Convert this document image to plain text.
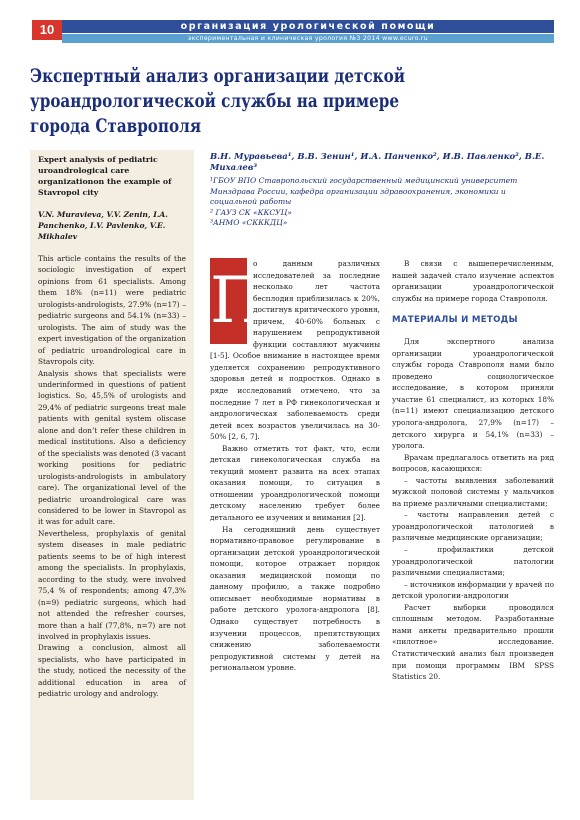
10	организация урологической помощи
экспериментальная и клиническая урология №3 2014 www.ecuro.ru
Экспертный анализ организации детской уроандрологической службы на примере города Ставрополя

Expert analysis of pediatric uroandrological care organizationon the example of Stavropol city

V.N. Muravieva, V.V. Zenin, I.A. Panchenko, I.V. Pavlenko, V.E. Mikhalev

This article contains the results of the sociologic investigation of expert opinions from 61 specialists. Among them 18% (n=11) were pediatric urologists-andrologists, 27.9% (n=17) – pediatric surgeons and 54.1% (n=33) – urologists. The aim of study was the expert investigation of the organization of pediatric uroandrological care in Stavropols city.

Analysis shows that specialists were underinformed in questions of patient logistics. So, 45,5% of urologists and 29,4% of pediatric surgeons treat male patients with genital system oliscase alone and don’t refer these children in medical institutions. Also a deficiency of the specialists was denoted (3 vacant working positions for pediatric urologists-andrologists in ambulatory care). The organizational level of the pediatric uroandrological care was considered to be lower in Stavropol as it was for adult care.

Nevertheless, prophylaxis of genital system diseases in male pediatric patients seems to be of high interest among the specialists. In prophylaxis, according to the study, were involved 75,4 % of respondents; among 47,3% (n=9) pediatric surgeons, which had not attended the refresher courses, more than a half (77,8%, n=7) are not involved in prophylaxis issues.

Drawing a conclusion, almost all specialists, who have participated in the study, noticed the necessity of the additional education in area of pediatric urology and andrology.

В.Н. Муравьева¹, В.В. Зенин¹, И.А. Панченко², И.В. Павленко², В.Е. Михалев³

¹ГБОУ ВПО Ставропольский государственный медицинский университет Минздрава России, кафедра организации здравоохранения, экономики и социальной работы

² ГАУЗ СК «ККСУЦ»

³АНМО «СКККДЦ»

П

о данным различных исследователей за последние несколько лет частота бесплодия приблизилась к 20%, достигнув критического уровня, причем, 40-60% больных с нарушением репродуктивной функции составляют мужчины [1-5]. Особое внимание в настоящее время уделяется сохранению репродуктивного здоровья детей и подростков. Однако в ряде исследований отмечено, что за последние 7 лет в РФ гинекологическая и андрологическая заболеваемость среди детей всех возрастов увеличилась на 30-50% [2, 6, 7].

Важно отметить тот факт, что, если детская гинекологическая служба на текущий момент развита на всех этапах оказания помощи, то ситуация в отношении уроандрологической помощи детскому населению требует более детального ее изучения и внимания [2].

На сегодняшний день существует нормативно-правовое регулирование в организации детской уроандрологической помощи, которое отражает порядок оказания медицинской помощи по данному профилю, а также подробно описывает необходимые нормативы в работе детского уролога-андролога [8]. Однако существует потребность в изучении процессов, препятствующих снижению заболеваемости репродуктивной системы у детей на региональном уровне.

В связи с вышеперечисленным, нашей задачей стало изучение аспектов организации уроандрологической службы на примере города Ставрополя.

МАТЕРИАЛЫ И МЕТОДЫ

Для экспертного анализа организации уроандрологической службы города Ставрополя нами было проведено социологическое исследование, в котором приняли участие 61 специалист, из которых 18% (n=11) имеют специализацию детского уролога-андролога, 27,9% (n=17) – детского хирурга и 54,1% (n=33) – уролога.

Врачам предлагалось ответить на ряд вопросов, касающихся:

– частоты выявления заболеваний мужской половой системы у мальчиков на приеме различными специалистами;

– частоты направления детей с уроандрологической патологией в различные медицинские организации;

– профилактики детской уроандрологической патологии различными специалистами;

– источников информации у врачей по детской урологии-андрологии

Расчет выборки проводился сплошным методом. Разработанные нами анкеты предварительно прошли «пилотное» исследование. Статистический анализ был произведен при помощи программы IBM SPSS Statistics 20.
